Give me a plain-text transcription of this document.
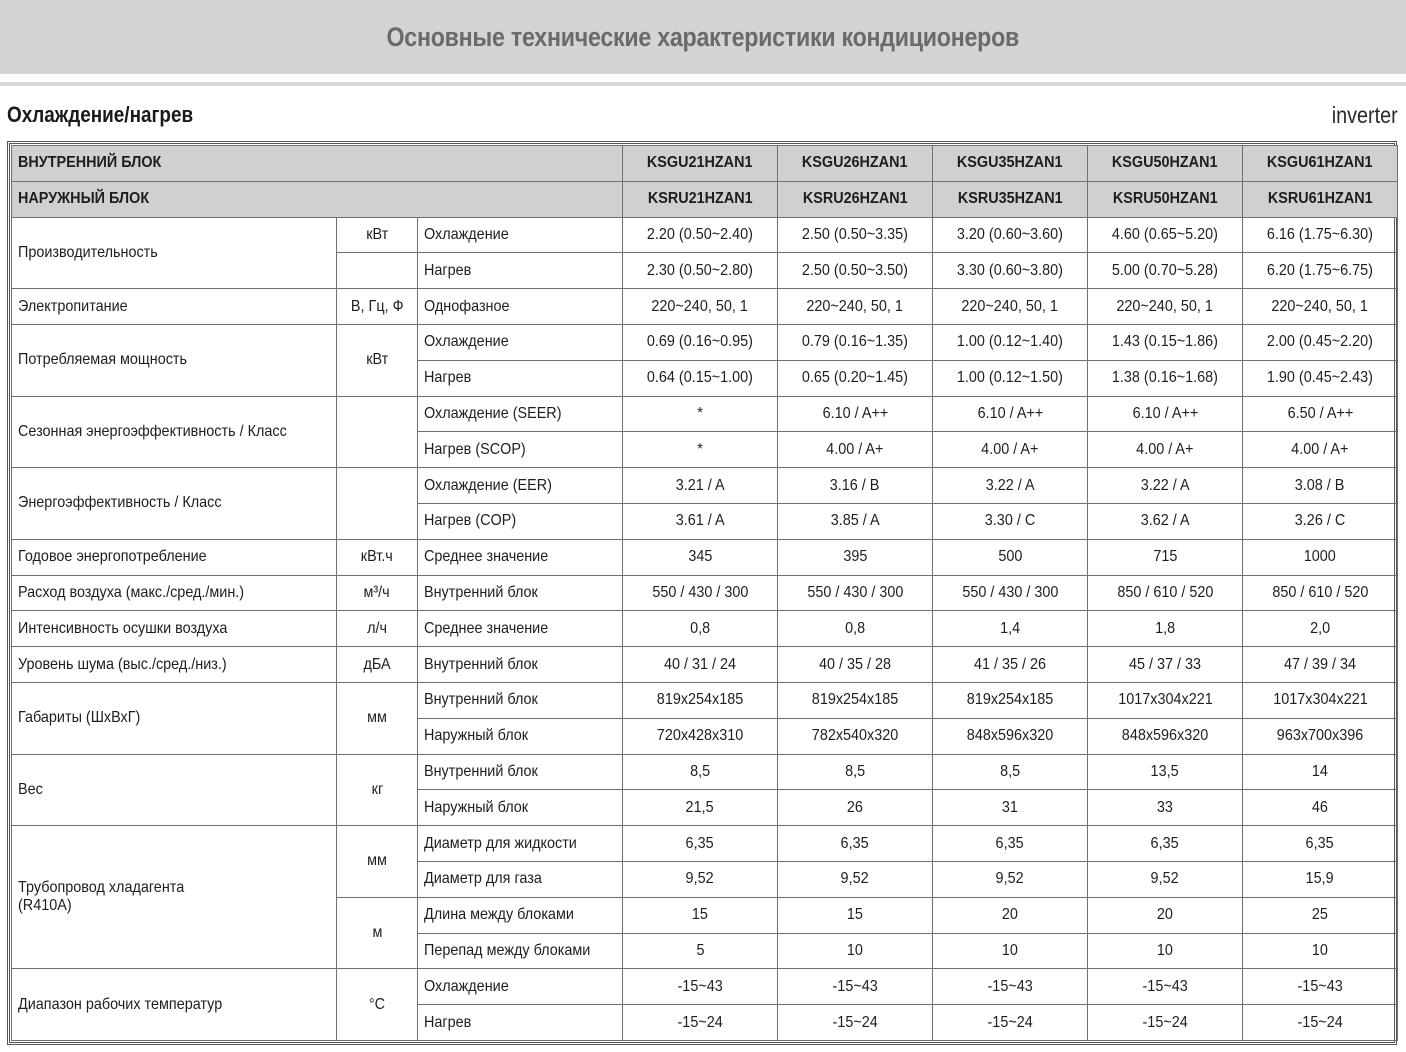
Основные технические характеристики кондиционеров
Охлаждение/нагрев	inverter
ВНУТРЕННИЙ БЛОК			KSGU21HZAN1	KSGU26HZAN1	KSGU35HZAN1	KSGU50HZAN1	KSGU61HZAN1
НАРУЖНЫЙ БЛОК			KSRU21HZAN1	KSRU26HZAN1	KSRU35HZAN1	KSRU50HZAN1	KSRU61HZAN1
Производительность	кВт	Охлаждение	2.20 (0.50~2.40)	2.50 (0.50~3.35)	3.20 (0.60~3.60)	4.60 (0.65~5.20)	6.16 (1.75~6.30)
		Нагрев	2.30 (0.50~2.80)	2.50 (0.50~3.50)	3.30 (0.60~3.80)	5.00 (0.70~5.28)	6.20 (1.75~6.75)
Электропитание	В, Гц, Ф	Однофазное	220~240, 50, 1	220~240, 50, 1	220~240, 50, 1	220~240, 50, 1	220~240, 50, 1
Потребляемая мощность	кВт	Охлаждение	0.69 (0.16~0.95)	0.79 (0.16~1.35)	1.00 (0.12~1.40)	1.43 (0.15~1.86)	2.00 (0.45~2.20)
		Нагрев	0.64 (0.15~1.00)	0.65 (0.20~1.45)	1.00 (0.12~1.50)	1.38 (0.16~1.68)	1.90 (0.45~2.43)
Сезонная энергоэффективность / Класс		Охлаждение (SEER)	*	6.10 / A++	6.10 / A++	6.10 / A++	6.50 / A++
		Нагрев (SCOP)	*	4.00 / A+	4.00 / A+	4.00 / A+	4.00 / A+
Энергоэффективность / Класс		Охлаждение (EER)	3.21 / A	3.16 / B	3.22 / A	3.22 / A	3.08 / B
		Нагрев (COP)	3.61 / A	3.85 / A	3.30 / C	3.62 / A	3.26 / C
Годовое энергопотребление	кВт.ч	Среднее значение	345	395	500	715	1000
Расход воздуха (макс./сред./мин.)	м³/ч	Внутренний блок	550 / 430 / 300	550 / 430 / 300	550 / 430 / 300	850 / 610 / 520	850 / 610 / 520
Интенсивность осушки воздуха	л/ч	Среднее значение	0,8	0,8	1,4	1,8	2,0
Уровень шума (выс./сред./низ.)	дБА	Внутренний блок	40 / 31 / 24	40 / 35 / 28	41 / 35 / 26	45 / 37 / 33	47 / 39 / 34
Габариты (ШхВхГ)	мм	Внутренний блок	819x254x185	819x254x185	819x254x185	1017x304x221	1017x304x221
		Наружный блок	720x428x310	782x540x320	848x596x320	848x596x320	963x700x396
Вес	кг	Внутренний блок	8,5	8,5	8,5	13,5	14
		Наружный блок	21,5	26	31	33	46
Трубопровод хладагента
(R410A)	мм	Диаметр для жидкости	6,35	6,35	6,35	6,35	6,35
		Диаметр для газа	9,52	9,52	9,52	9,52	15,9
	м	Длина между блоками	15	15	20	20	25
		Перепад между блоками	5	10	10	10	10
Диапазон рабочих температур	°С	Охлаждение	-15~43	-15~43	-15~43	-15~43	-15~43
		Нагрев	-15~24	-15~24	-15~24	-15~24	-15~24
